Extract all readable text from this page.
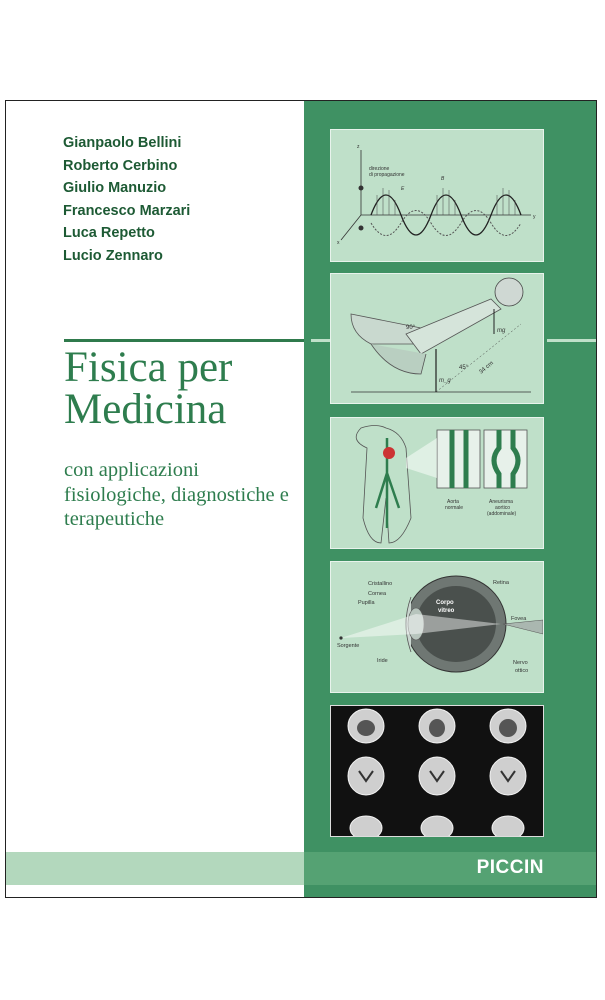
Gianpaolo Bellini
Roberto Cerbino
Giulio Manuzio
Francesco Marzari
Luca Repetto
Lucio Zennaro
Fisica per Medicina

con applicazioni fisiologiche, diagnostiche e terapeutiche

z
y
x
direzione
di propagazione
E
B
90°
45°
mg
m_g
34 cm
Aorta
normale
Aneurisma
aortico
(addominale)
Cristallino
Cornea
Pupilla
Sorgente
Iride
Corpo
vitreo
Retina
Fovea
Nervo
ottico
PICCIN
